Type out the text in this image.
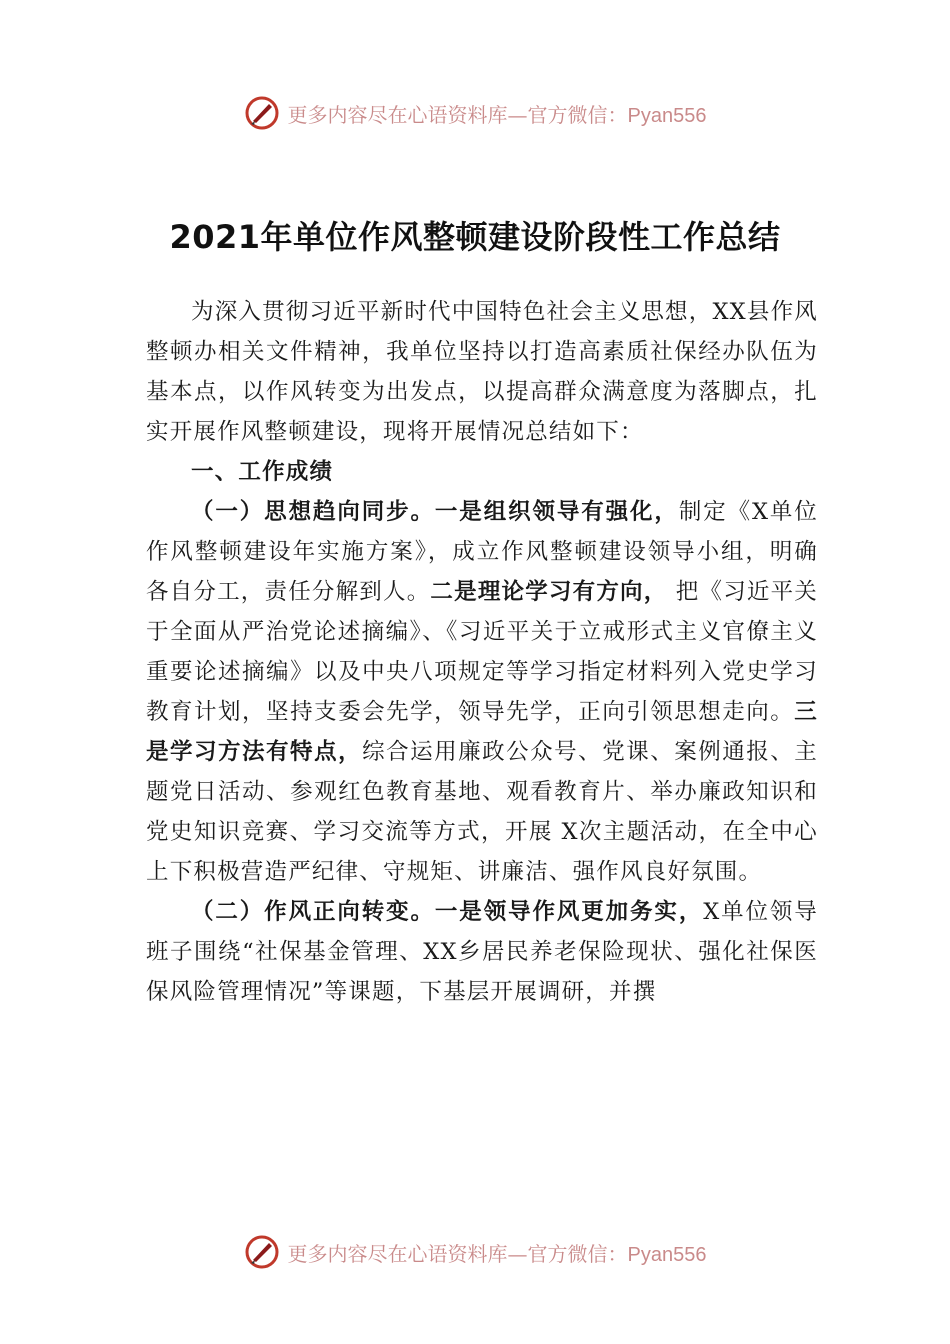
更多内容尽在心语资料库—官方微信：Pyan556
2021年单位作风整顿建设阶段性工作总结

为深入贯彻习近平新时代中国特色社会主义思想，XX县作风整顿办相关文件精神，我单位坚持以打造高素质社保经办队伍为基本点，以作风转变为出发点，以提高群众满意度为落脚点，扎实开展作风整顿建设，现将开展情况总结如下：

一、工作成绩

（一）思想趋向同步。一是组织领导有强化，制定《X单位作风整顿建设年实施方案》，成立作风整顿建设领导小组，明确各自分工，责任分解到人。二是理论学习有方向， 把《习近平关于全面从严治党论述摘编》、《习近平关于立戒形式主义官僚主义重要论述摘编》以及中央八项规定等学习指定材料列入党史学习教育计划，坚持支委会先学，领导先学，正向引领思想走向。三是学习方法有特点，综合运用廉政公众号、党课、案例通报、主题党日活动、参观红色教育基地、观看教育片、举办廉政知识和党史知识竞赛、学习交流等方式，开展 X次主题活动，在全中心上下积极营造严纪律、守规矩、讲廉洁、强作风良好氛围。

（二）作风正向转变。一是领导作风更加务实，X单位领导班子围绕“社保基金管理、XX乡居民养老保险现状、强化社保医保风险管理情况”等课题，下基层开展调研，并撰

更多内容尽在心语资料库—官方微信：Pyan556
